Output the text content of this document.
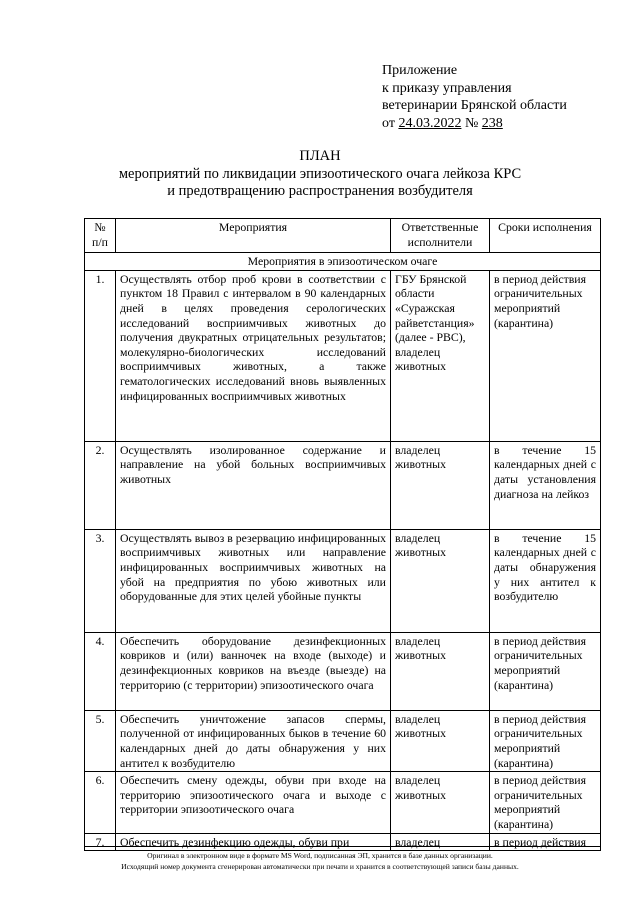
Приложение
к приказу управления
ветеринарии Брянской области
от 24.03.2022 № 238
ПЛАН
мероприятий по ликвидации эпизоотического очага лейкоза КРС
и предотвращению распространения возбудителя
№ п/п	Мероприятия	Ответственные исполнители	Сроки исполнения
Мероприятия в эпизоотическом очаге			
1.	Осуществлять отбор проб крови в соответствии с пунктом 18 Правил с интервалом в 90 календарных дней в целях проведения серологических исследований восприимчивых животных до получения двукратных отрицательных результатов; молекулярно-биологических исследований восприимчивых животных, а также гематологических исследований вновь выявленных инфицированных восприимчивых животных	ГБУ Брянской области «Суражская райветстанция» (далее - РВС), владелец животных	в период действия ограничительных мероприятий (карантина)
2.	Осуществлять изолированное содержание и направление на убой больных восприимчивых животных	владелец животных	в течение 15 календарных дней с даты установления диагноза на лейкоз
3.	Осуществлять вывоз в резервацию инфицированных восприимчивых животных или направление инфицированных восприимчивых животных на убой на предприятия по убою животных или оборудованные для этих целей убойные пункты	владелец животных	в течение 15 календарных дней с даты обнаружения у них антител к возбудителю
4.	Обеспечить оборудование дезинфекционных ковриков и (или) ванночек на входе (выходе) и дезинфекционных ковриков на въезде (выезде) на территорию (с территории) эпизоотического очага	владелец животных	в период действия ограничительных мероприятий (карантина)
5.	Обеспечить уничтожение запасов спермы, полученной от инфицированных быков в течение 60 календарных дней до даты обнаружения у них антител к возбудителю	владелец животных	в период действия ограничительных мероприятий (карантина)
6.	Обеспечить смену одежды, обуви при входе на территорию эпизоотического очага и выходе с территории эпизоотического очага	владелец животных	в период действия ограничительных мероприятий (карантина)
7.	Обеспечить дезинфекцию одежды, обуви при	владелец	в период действия
Оригинал в электронном виде в формате MS Word, подписанная ЭП, хранится в базе данных организации.
Исходящий номер документа сгенерирован автоматически при печати и хранится в соответствующей записи базы данных.
